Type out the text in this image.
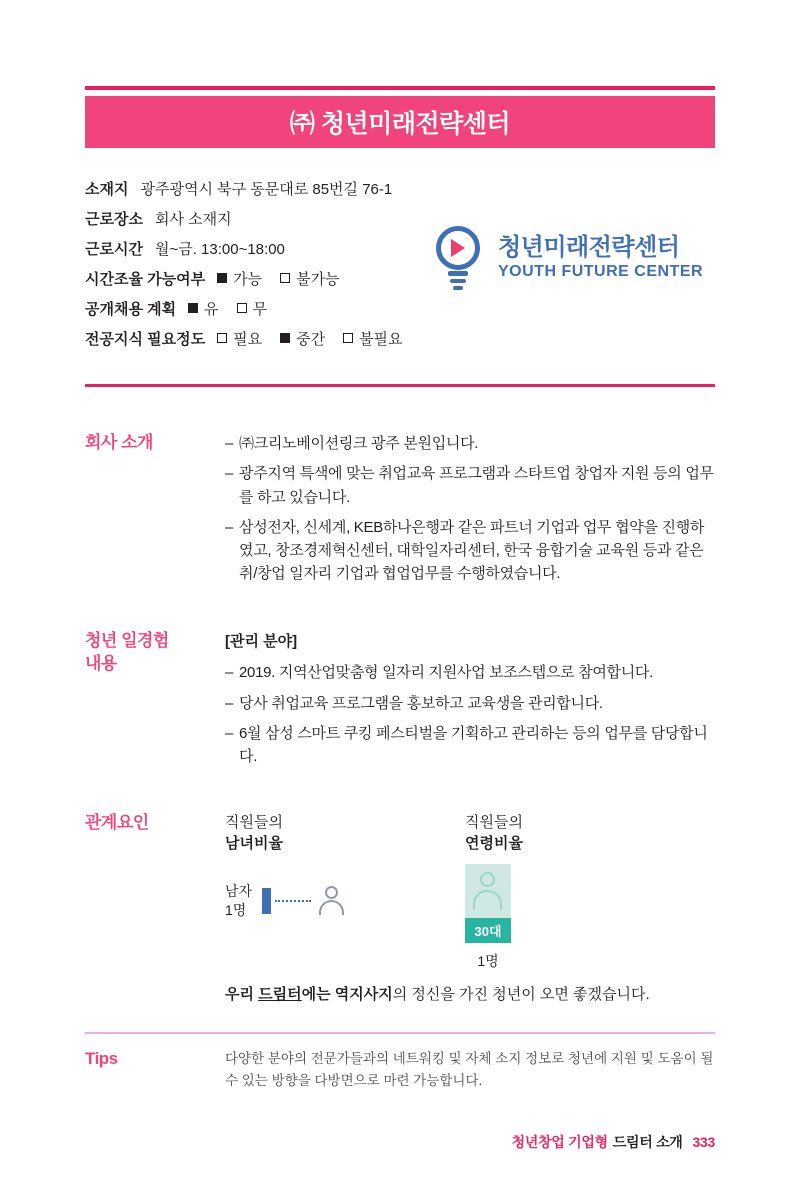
㈜ 청년미래전략센터
소재지 광주광역시 북구 동문대로 85번길 76-1
근로장소 회사 소재지
근로시간 월~금. 13:00~18:00
시간조율 가능여부	가능	불가능
공개채용 계획	유	무
전공지식 필요정도	필요	중간	불필요
청년미래전략센터
YOUTH FUTURE CENTER
회사 소개	– ㈜크리노베이션링크 광주 본원입니다.
– 광주지역 특색에 맞는 취업교육 프로그램과 스타트업 창업자 지원 등의 업무를 하고 있습니다.
– 삼성전자, 신세계, KEB하나은행과 같은 파트너 기업과 업무 협약을 진행하였고, 창조경제혁신센터, 대학일자리센터, 한국 융합기술 교육원 등과 같은 취/창업 일자리 기업과 협업업무를 수행하였습니다.
청년 일경험
내용
[관리 분야]
– 2019. 지역산업맞춤형 일자리 지원사업 보조스텝으로 참여합니다.
– 당사 취업교육 프로그램을 홍보하고 교육생을 관리합니다.
– 6월 삼성 스마트 쿠킹 페스티벌을 기획하고 관리하는 등의 업무를 담당합니다.
관계요인	직원들의
남녀비율
남자
1명
직원들의
연령비율
30대
1명
우리 드림터에는 역지사지의 정신을 가진 청년이 오면 좋겠습니다.
Tips	다양한 분야의 전문가들과의 네트워킹 및 자체 소지 정보로 청년에 지원 및 도움이 될 수 있는 방향을 다방면으로 마련 가능합니다.
청년창업 기업형 드림터 소개 333
